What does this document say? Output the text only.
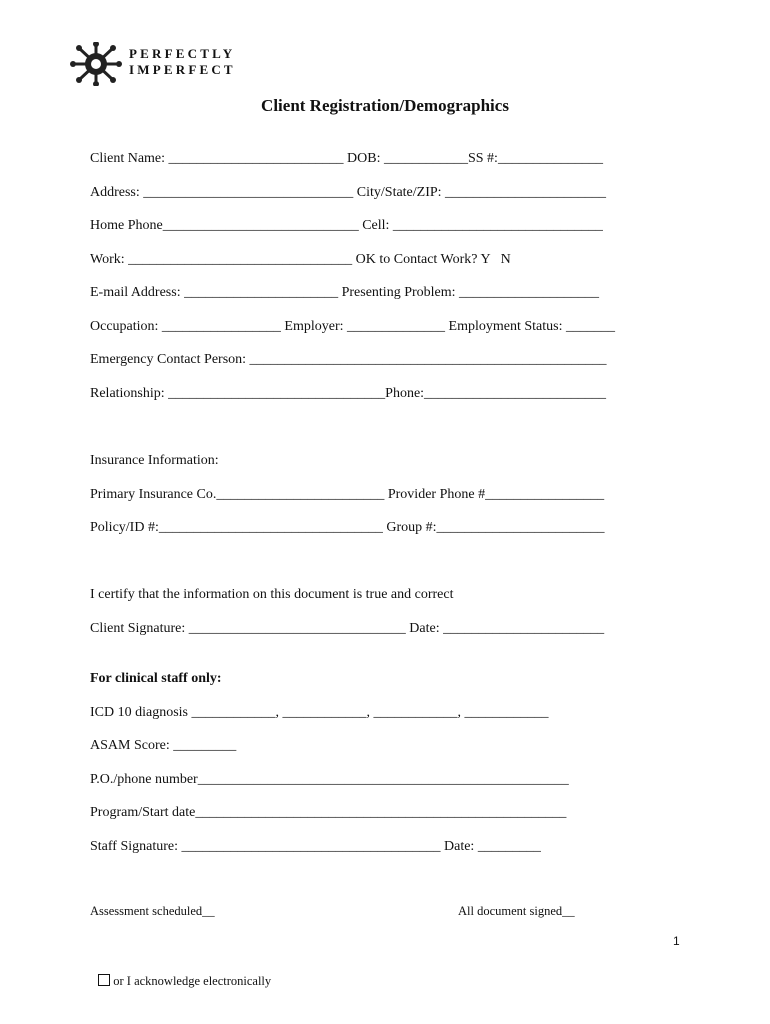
PERFECTLY
IMPERFECT
Client Registration/Demographics
Client Name: _________________________ DOB: ____________SS #:_______________
Address: ______________________________ City/State/ZIP: _______________________
Home Phone____________________________ Cell: ______________________________
Work: ________________________________ OK to Contact Work? Y   N
E-mail Address: ______________________ Presenting Problem: ____________________
Occupation: _________________ Employer: ______________ Employment Status: _______
Emergency Contact Person: ___________________________________________________
Relationship: _______________________________Phone:__________________________
Insurance Information:
Primary Insurance Co.________________________ Provider Phone #_________________
Policy/ID #:________________________________ Group #:________________________
I certify that the information on this document is true and correct
Client Signature: _______________________________ Date: _______________________
For clinical staff only:
ICD 10 diagnosis ____________, ____________, ____________, ____________
ASAM Score: _________
P.O./phone number_____________________________________________________
Program/Start date_____________________________________________________
Staff Signature: _____________________________________ Date: _________
Assessment scheduled__	All document signed__
1

or I acknowledge electronically
